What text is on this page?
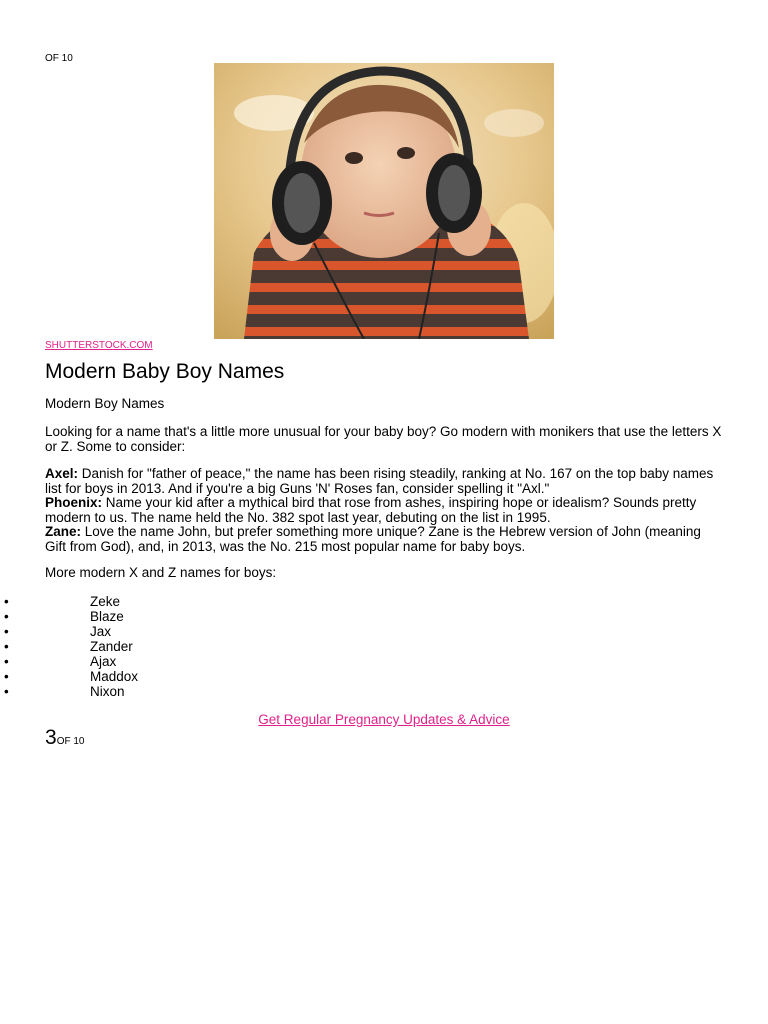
OF 10
SHUTTERSTOCK.COM
Modern Baby Boy Names

Modern Boy Names

Looking for a name that's a little more unusual for your baby boy? Go modern with monikers that use the letters X or Z. Some to consider:

Axel: Danish for "father of peace," the name has been rising steadily, ranking at No. 167 on the top baby names list for boys in 2013. And if you're a big Guns 'N' Roses fan, consider spelling it "Axl."
Phoenix: Name your kid after a mythical bird that rose from ashes, inspiring hope or idealism? Sounds pretty modern to us. The name held the No. 382 spot last year, debuting on the list in 1995.
Zane: Love the name John, but prefer something more unique? Zane is the Hebrew version of John (meaning Gift from God), and, in 2013, was the No. 215 most popular name for baby boys.

More modern X and Z names for boys:

•	Zeke
•	Blaze
•	Jax
•	Zander
•	Ajax
•	Maddox
•	Nixon
Get Regular Pregnancy Updates & Advice
3OF 10
